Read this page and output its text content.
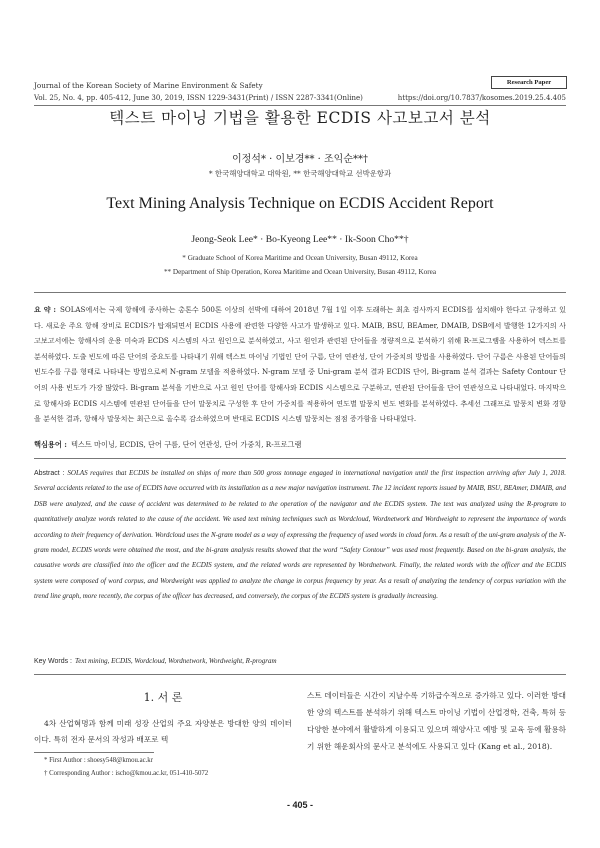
Journal of the Korean Society of Marine Environment & Safety	Research Paper
Vol. 25, No. 4, pp. 405-412, June 30, 2019, ISSN 1229-3431(Print) / ISSN 2287-3341(Online)	https://doi.org/10.7837/kosomes.2019.25.4.405
텍스트 마이닝 기법을 활용한 ECDIS 사고보고서 분석
이정석* · 이보경** · 조익순**†
* 한국해양대학교 대학원, ** 한국해양대학교 선박운항과
Text Mining Analysis Technique on ECDIS Accident Report
Jeong-Seok Lee* · Bo-Kyeong Lee** · Ik-Soon Cho**†
* Graduate School of Korea Maritime and Ocean University, Busan 49112, Korea
** Department of Ship Operation, Korea Maritime and Ocean University, Busan 49112, Korea
요 약 : SOLAS에서는 국제 항해에 종사하는 총톤수 500톤 이상의 선박에 대하여 2018년 7월 1일 이후 도래하는 최초 검사까지 ECDIS를 설치해야 한다고 규정하고 있다. 새로운 주요 항해 장비로 ECDIS가 탑재되면서 ECDIS 사용에 관련한 다양한 사고가 발생하고 있다. MAIB, BSU, BEAmer, DMAIB, DSB에서 발행한 12가지의 사고보고서에는 항해사의 운용 미숙과 ECDS 시스템의 사고 원인으로 분석하였고, 사고 원인과 관련된 단어들을 정량적으로 분석하기 위해 R-프로그램을 사용하여 텍스트를 분석하였다. 도출 빈도에 따른 단어의 중요도를 나타내기 위해 텍스트 마이닝 기법인 단어 구름, 단어 연관성, 단어 가중치의 방법을 사용하였다. 단어 구름은 사용된 단어들의 빈도수를 구름 형태로 나타내는 방법으로써 N-gram 모델을 적용하였다. N-gram 모델 중 Uni-gram 분석 결과 ECDIS 단어, Bi-gram 분석 결과는 Safety Contour 단어의 사용 빈도가 가장 많았다. Bi-gram 분석을 기반으로 사고 원인 단어를 항해사와 ECDIS 시스템으로 구분하고, 연관된 단어들을 단어 연관성으로 나타내었다. 마지막으로 항해사와 ECDIS 시스템에 연관된 단어들을 단어 말뭉치로 구성한 후 단어 가중치를 적용하여 연도별 말뭉치 빈도 변화를 분석하였다. 추세선 그래프로 말뭉치 변화 경향을 분석한 결과, 항해사 말뭉치는 최근으로 올수록 감소하였으며 반대로 ECDIS 시스템 말뭉치는 점점 증가함을 나타내었다.
핵심용어 : 텍스트 마이닝, ECDIS, 단어 구름, 단어 연관성, 단어 가중치, R-프로그램
Abstract : SOLAS requires that ECDIS be installed on ships of more than 500 gross tonnage engaged in international navigation until the first inspection arriving after July 1, 2018. Several accidents related to the use of ECDIS have occurred with its installation as a new major navigation instrument. The 12 incident reports issued by MAIB, BSU, BEAmer, DMAIB, and DSB were analyzed, and the cause of accident was determined to be related to the operation of the navigator and the ECDIS system. The text was analyzed using the R-program to quantitatively analyze words related to the cause of the accident. We used text mining techniques such as Wordcloud, Wordnetwork and Wordweight to represent the importance of words according to their frequency of derivation. Wordcloud uses the N-gram model as a way of expressing the frequency of used words in cloud form. As a result of the uni-gram analysis of the N-gram model, ECDIS words were obtained the most, and the bi-gram analysis results showed that the word “Safety Contour” was used most frequently. Based on the bi-gram analysis, the causative words are classified into the officer and the ECDIS system, and the related words are represented by Wordnetwork. Finally, the related words with the officer and the ECDIS system were composed of word corpus, and Wordweight was applied to analyze the change in corpus frequency by year. As a result of analyzing the tendency of corpus variation with the trend line graph, more recently, the corpus of the officer has decreased, and conversely, the corpus of the ECDIS system is gradually increasing.
Key Words : Text mining, ECDIS, Wordcloud, Wordnetwork, Wordweight, R-program
1. 서 론
4차 산업혁명과 함께 미래 성장 산업의 주요 자양분은 방대한 양의 데이터이다. 특히 전자 문서의 작성과 배포로 텍
스트 데이터들은 시간이 지날수록 기하급수적으로 증가하고 있다. 이러한 방대한 양의 텍스트를 분석하기 위해 텍스트 마이닝 기법이 산업경학, 건축, 특허 등 다양한 분야에서 활발하게 이용되고 있으며 해양사고 예방 및 교육 등에 활용하기 위한 해운회사의 문사고 분석에도 사용되고 있다 (Kang et al., 2018).
* First Author : shoesy548@kmou.ac.kr
† Corresponding Author : ischo@kmou.ac.kr, 051-410-5072
- 405 -
